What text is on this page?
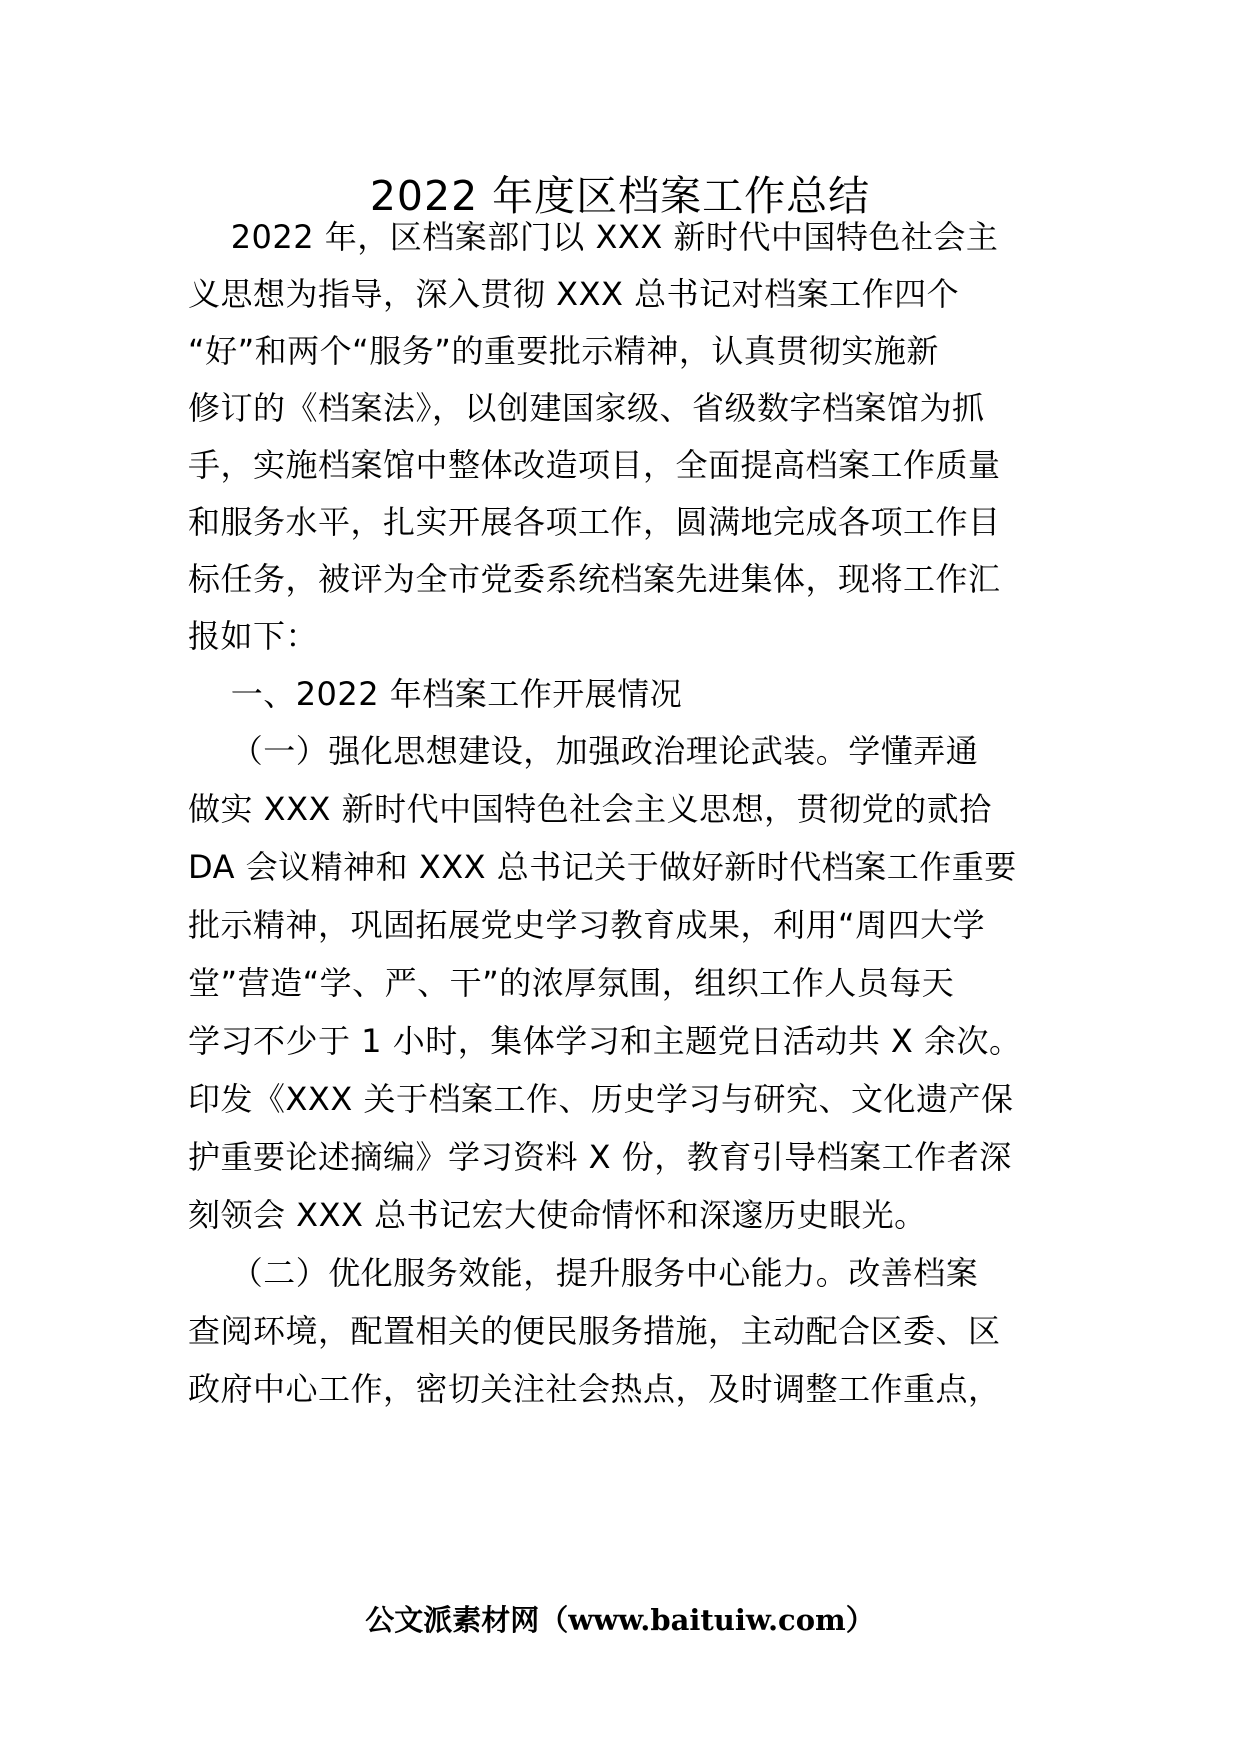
2022 年度区档案工作总结
2022 年，区档案部门以 XXX 新时代中国特色社会主
义思想为指导，深入贯彻 XXX 总书记对档案工作四个
“好”和两个“服务”的重要批示精神，认真贯彻实施新
修订的《档案法》，以创建国家级、省级数字档案馆为抓
手，实施档案馆中整体改造项目，全面提高档案工作质量
和服务水平，扎实开展各项工作，圆满地完成各项工作目
标任务，被评为全市党委系统档案先进集体，现将工作汇
报如下：
一、2022 年档案工作开展情况
（一）强化思想建设，加强政治理论武装。学懂弄通
做实 XXX 新时代中国特色社会主义思想，贯彻党的贰拾
DA 会议精神和 XXX 总书记关于做好新时代档案工作重要
批示精神，巩固拓展党史学习教育成果，利用“周四大学
堂”营造“学、严、干”的浓厚氛围，组织工作人员每天
学习不少于 1 小时，集体学习和主题党日活动共 X 余次。
印发《XXX 关于档案工作、历史学习与研究、文化遗产保
护重要论述摘编》学习资料 X 份，教育引导档案工作者深
刻领会 XXX 总书记宏大使命情怀和深邃历史眼光。
（二）优化服务效能，提升服务中心能力。改善档案
查阅环境，配置相关的便民服务措施，主动配合区委、区
政府中心工作，密切关注社会热点，及时调整工作重点，
公文派素材网（www.baituiw.com）
